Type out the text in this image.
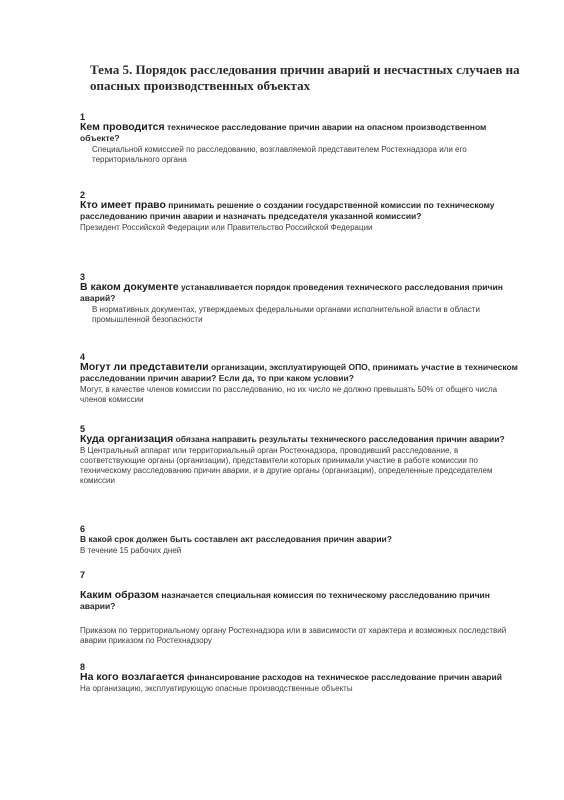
Тема 5. Порядок расследования причин аварий и несчастных случаев на опасных производственных объектах
1
Кем проводится техническое расследование причин аварии на опасном производственном объекте?
Специальной комиссией по расследованию, возглавляемой представителем Ростехнадзора или его территориального органа
2
Кто имеет право принимать решение о создании государственной комиссии по техническому расследованию причин аварии и назначать председателя указанной комиссии?
Президент Российской Федерации или Правительство Российской Федерации
3
В каком документе устанавливается порядок проведения технического расследования причин аварий?
В нормативных документах, утверждаемых федеральными органами исполнительной власти в области промышленной безопасности
4
Могут ли представители организации, эксплуатирующей ОПО, принимать участие в техническом расследовании причин аварии? Если да, то при каком условии?
Могут, в качестве членов комиссии по расследованию, но их число не должно превышать 50% от общего числа членов комиссии
5
Куда организация обязана направить результаты технического расследования причин аварии?
В Центральный аппарат или территориальный орган Ростехнадзора, проводивший расследование, в соответствующие органы (организации), представители которых принимали участие в работе комиссии по техническому расследованию причин аварии, и в другие органы (организации), определенные председателем комиссии
6
В какой срок должен быть составлен акт расследования причин аварии?
В течение 15 рабочих дней
7
Каким образом назначается специальная комиссия по техническому расследованию причин аварии?
Приказом по территориальному органу Ростехнадзора или в зависимости от характера и возможных последствий аварии приказом по Ростехнадзору
8
На кого возлагается финансирование расходов на техническое расследование причин аварий
На организацию, эксплуатирующую опасные производственные объекты
